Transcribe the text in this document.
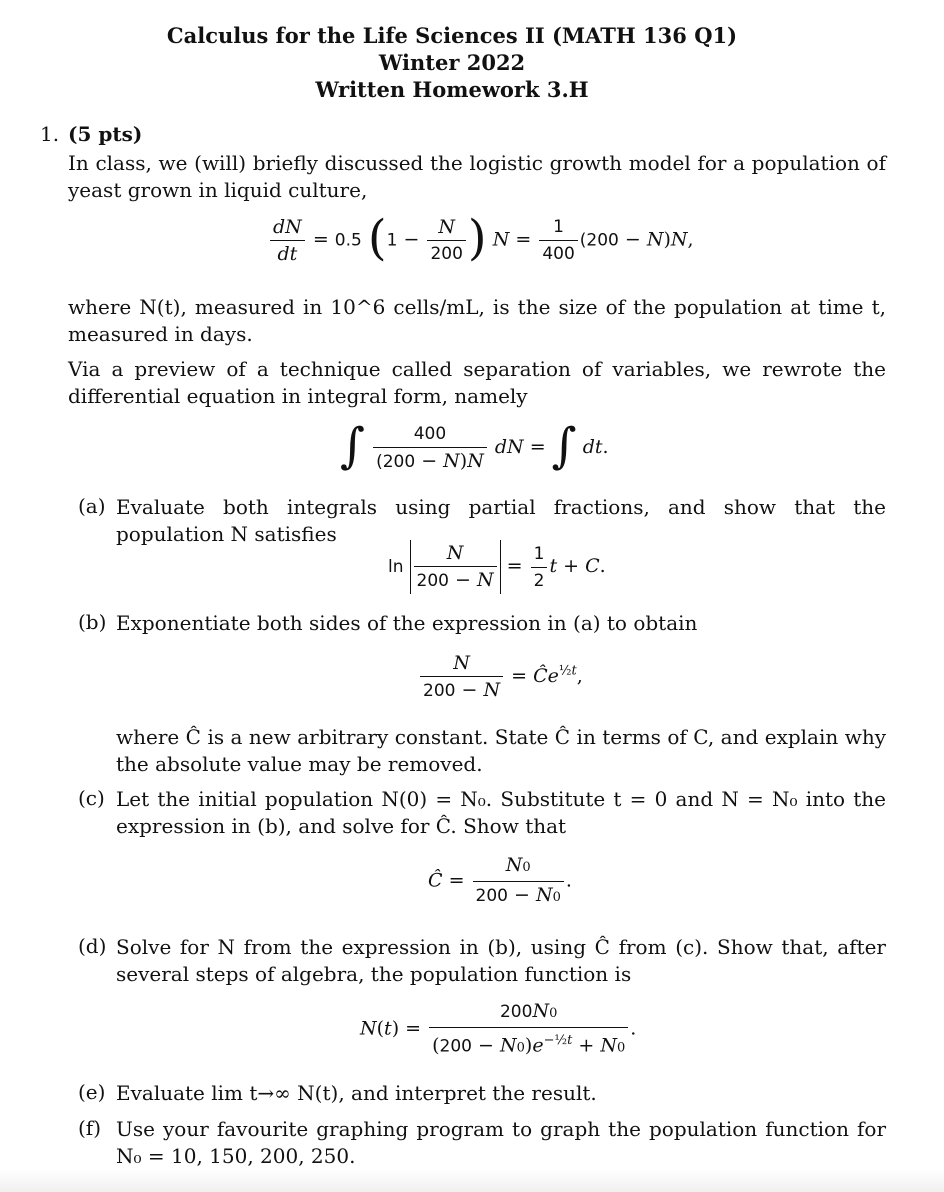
Calculus for the Life Sciences II (MATH 136 Q1)
Winter 2022
Written Homework 3.H
1. (5 pts)
In class, we (will) briefly discussed the logistic growth model for a population of yeast grown in liquid culture,
$\frac{dN}{dt} = 0.5$ ($1 - \frac{N}{200}$ ) $N = \frac{1}{400} (200 - N)N$,
where N(t), measured in 10^6 cells/mL, is the size of the population at time t, measured in days.
Via a preview of a technique called separation of variables, we rewrote the differential equation in integral form, namely
∫ $\frac{400}{(200 - N)N}$ dN = ∫ dt.
(a) Evaluate both integrals using partial fractions, and show that the population N satisfies
$\ln \frac{N}{200 - N} = \frac{1}{2}$ t + C.
(b) Exponentiate both sides of the expression in (a) to obtain
$\frac{N}{200 - N}$ = $Ĉe^{\frac{1}{2}t}$,
where Ĉ is a new arbitrary constant. State Ĉ in terms of C, and explain why the absolute value may be removed.
(c) Let the initial population N(0) = N₀. Substitute t = 0 and N = N₀ into the expression in (b), and solve for Ĉ. Show that
Ĉ = $\frac{N0}{200 - N0}$ .
(d) Solve for N from the expression in (b), using Ĉ from (c). Show that, after several steps of algebra, the population function is
$N(t) = \frac{200N0}{(200 - N0)e^{-\frac{1}{2}t} + N0}$ .
(e) Evaluate lim t→∞ N(t), and interpret the result.
(f) Use your favourite graphing program to graph the population function for N₀ = 10, 150, 200, 250.
